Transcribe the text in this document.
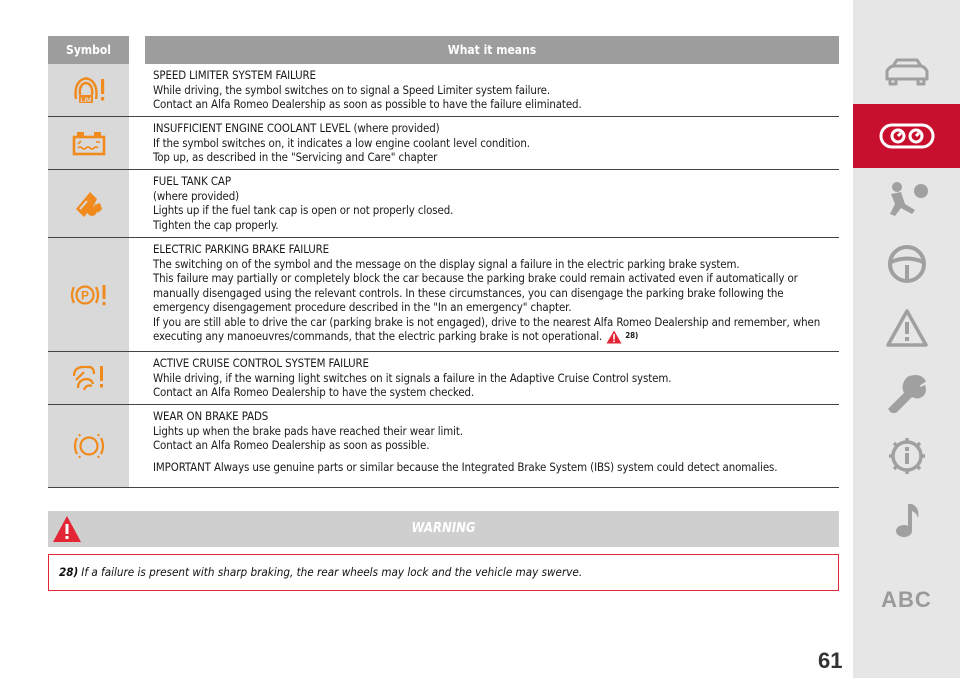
Symbol	What it means
LIM
SPEED LIMITER SYSTEM FAILURE
While driving, the symbol switches on to signal a Speed Limiter system failure.
Contact an Alfa Romeo Dealership as soon as possible to have the failure eliminated.
INSUFFICIENT ENGINE COOLANT LEVEL (where provided)
If the symbol switches on, it indicates a low engine coolant level condition.
Top up, as described in the "Servicing and Care" chapter
FUEL TANK CAP
(where provided)
Lights up if the fuel tank cap is open or not properly closed.
Tighten the cap properly.
P
ELECTRIC PARKING BRAKE FAILURE
The switching on of the symbol and the message on the display signal a failure in the electric parking brake system.
This failure may partially or completely block the car because the parking brake could remain activated even if automatically or manually disengaged using the relevant controls. In these circumstances, you can disengage the parking brake following the emergency disengagement procedure described in the "In an emergency" chapter.
If you are still able to drive the car (parking brake is not engaged), drive to the nearest Alfa Romeo Dealership and remember, when executing any manoeuvres/commands, that the electric parking brake is not operational.	28)
ACTIVE CRUISE CONTROL SYSTEM FAILURE
While driving, if the warning light switches on it signals a failure in the Adaptive Cruise Control system.
Contact an Alfa Romeo Dealership to have the system checked.
WEAR ON BRAKE PADS
Lights up when the brake pads have reached their wear limit.
Contact an Alfa Romeo Dealership as soon as possible.
IMPORTANT Always use genuine parts or similar because the Integrated Brake System (IBS) system could detect anomalies.
WARNING
28) If a failure is present with sharp braking, the rear wheels may lock and the vehicle may swerve.
ABC
61
